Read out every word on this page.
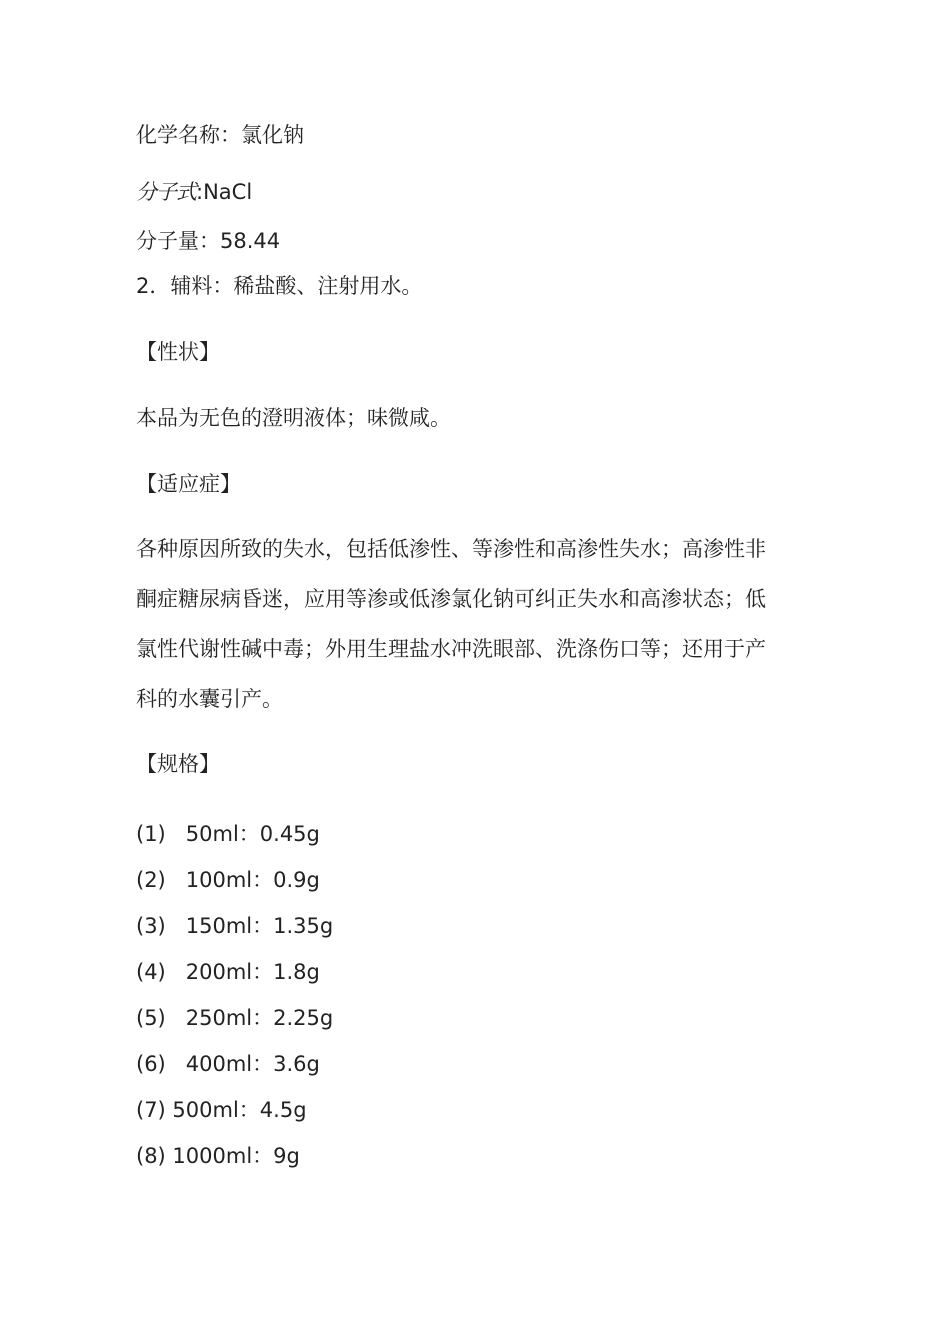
化学名称：氯化钠
分子式:NaCl
分子量：58.44
2．辅料：稀盐酸、注射用水。
【性状】
本品为无色的澄明液体；味微咸。
【适应症】
各种原因所致的失水，包括低渗性、等渗性和高渗性失水；高渗性非
酮症糖尿病昏迷，应用等渗或低渗氯化钠可纠正失水和高渗状态；低
氯性代谢性碱中毒；外用生理盐水冲洗眼部、洗涤伤口等；还用于产
科的水囊引产。
【规格】
(1)   50ml：0.45g
(2)   100ml：0.9g
(3)   150ml：1.35g
(4)   200ml：1.8g
(5)   250ml：2.25g
(6)   400ml：3.6g
(7) 500ml：4.5g
(8) 1000ml：9g
